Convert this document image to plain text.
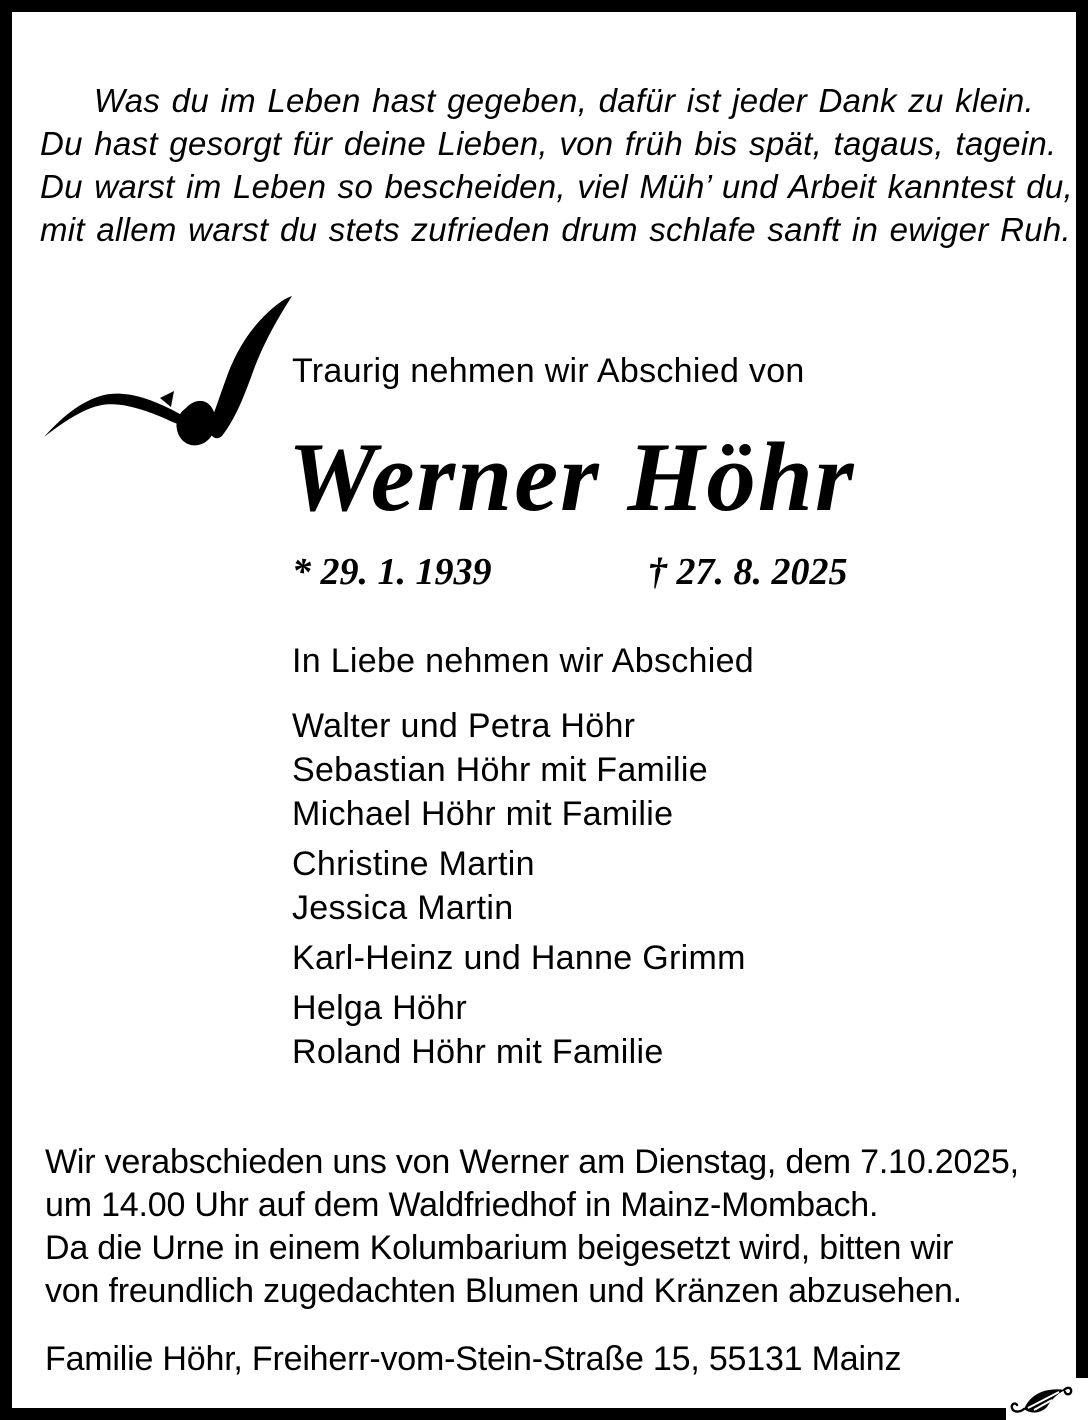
Was du im Leben hast gegeben, dafür ist jeder Dank zu klein.
Du hast gesorgt für deine Lieben, von früh bis spät, tagaus, tagein.
Du warst im Leben so bescheiden, viel Müh’ und Arbeit kanntest du,
mit allem warst du stets zufrieden drum schlafe sanft in ewiger Ruh.
Traurig nehmen wir Abschied von
Werner Höhr
* 29. 1. 1939	† 27. 8. 2025
In Liebe nehmen wir Abschied
Walter und Petra Höhr
Sebastian Höhr mit Familie
Michael Höhr mit Familie
Christine Martin
Jessica Martin
Karl-Heinz und Hanne Grimm
Helga Höhr
Roland Höhr mit Familie
Wir verabschieden uns von Werner am Dienstag, dem 7.10.2025,
um 14.00 Uhr auf dem Waldfriedhof in Mainz-Mombach.
Da die Urne in einem Kolumbarium beigesetzt wird, bitten wir
von freundlich zugedachten Blumen und Kränzen abzusehen.
Familie Höhr, Freiherr-vom-Stein-Straße 15, 55131 Mainz
